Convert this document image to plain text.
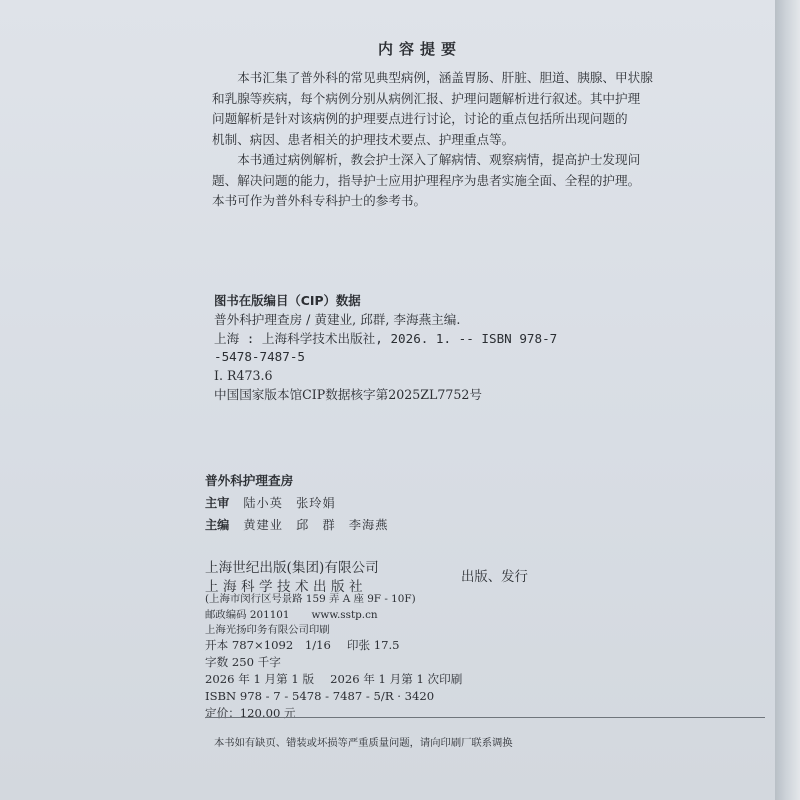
内容提要

本书汇集了普外科的常见典型病例，涵盖胃肠、肝脏、胆道、胰腺、甲状腺
和乳腺等疾病，每个病例分别从病例汇报、护理问题解析进行叙述。其中护理
问题解析是针对该病例的护理要点进行讨论，讨论的重点包括所出现问题的
机制、病因、患者相关的护理技术要点、护理重点等。

本书通过病例解析，教会护士深入了解病情、观察病情，提高护士发现问
题、解决问题的能力，指导护士应用护理程序为患者实施全面、全程的护理。
本书可作为普外科专科护士的参考书。

图书在版编目（CIP）数据
普外科护理查房 / 黄建业, 邱群, 李海燕主编.
上海 : 上海科学技术出版社, 2026. 1. -- ISBN 978-7
-5478-7487-5
Ⅰ. R473.6
中国国家版本馆CIP数据核字第2025ZL7752号
普外科护理查房
主审 陆小英　张玲娟
主编 黄建业　邱　群　李海燕
上海世纪出版(集团)有限公司
上海科学技术出版社
出版、发行
(上海市闵行区号景路 159 弄 A 座 9F - 10F)
邮政编码 201101 www.sstp.cn
上海光扬印务有限公司印刷
开本 787×1092　1/16 印张 17.5
字数 250 千字
2026 年 1 月第 1 版 2026 年 1 月第 1 次印刷
ISBN 978 - 7 - 5478 - 7487 - 5/R · 3420
定价：120.00 元
本书如有缺页、错装或坏损等严重质量问题，请向印刷厂联系调换
